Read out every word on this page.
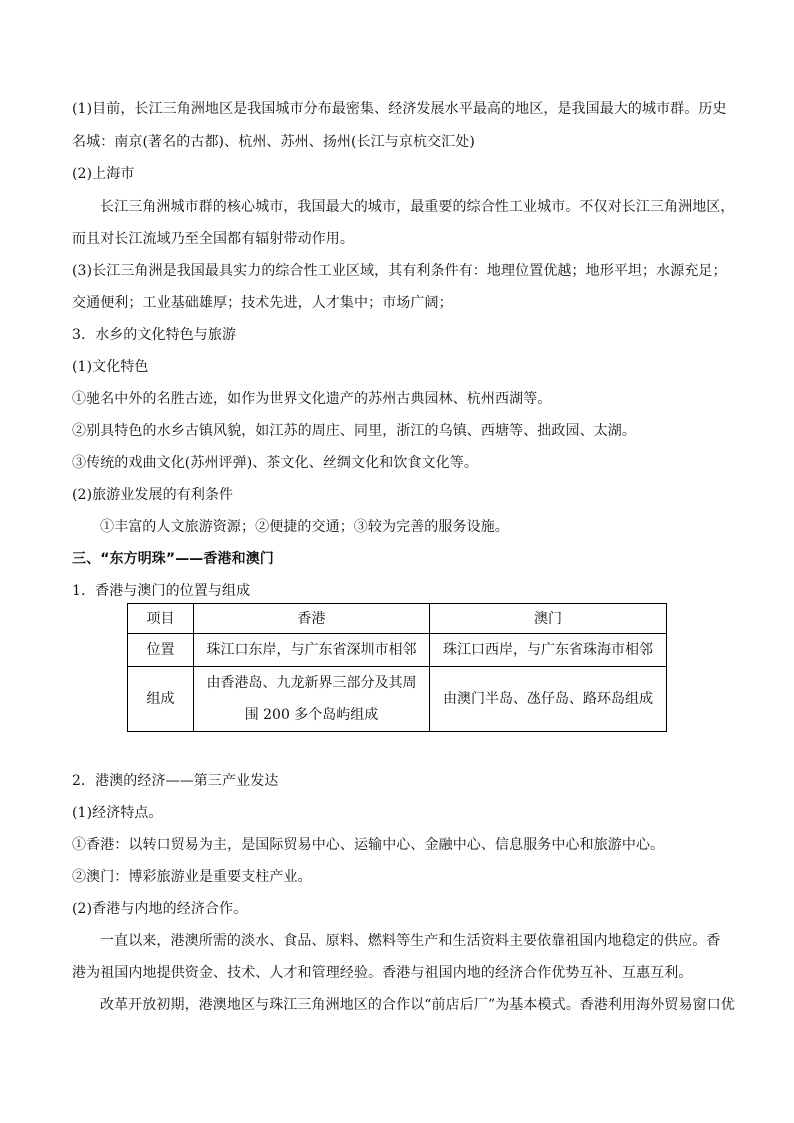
(1)目前，长江三角洲地区是我国城市分布最密集、经济发展水平最高的地区，是我国最大的城市群。历史
名城：南京(著名的古都)、杭州、苏州、扬州(长江与京杭交汇处)
(2)上海市
长江三角洲城市群的核心城市，我国最大的城市，最重要的综合性工业城市。不仅对长江三角洲地区，
而且对长江流域乃至全国都有辐射带动作用。
(3)长江三角洲是我国最具实力的综合性工业区域，其有利条件有：地理位置优越；地形平坦；水源充足；
交通便利；工业基础雄厚；技术先进，人才集中；市场广阔；
3．水乡的文化特色与旅游
(1)文化特色
①驰名中外的名胜古迹，如作为世界文化遗产的苏州古典园林、杭州西湖等。
②别具特色的水乡古镇风貌，如江苏的周庄、同里，浙江的乌镇、西塘等、拙政园、太湖。
③传统的戏曲文化(苏州评弹)、茶文化、丝绸文化和饮食文化等。
(2)旅游业发展的有利条件
①丰富的人文旅游资源；②便捷的交通；③较为完善的服务设施。
三、“东方明珠”——香港和澳门
1．香港与澳门的位置与组成
项目	香港	澳门
位置	珠江口东岸，与广东省深圳市相邻	珠江口西岸，与广东省珠海市相邻
组成	由香港岛、九龙新界三部分及其周
围 200 多个岛屿组成	由澳门半岛、氹仔岛、路环岛组成
2．港澳的经济——第三产业发达
(1)经济特点。
①香港：以转口贸易为主，是国际贸易中心、运输中心、金融中心、信息服务中心和旅游中心。
②澳门：博彩旅游业是重要支柱产业。
(2)香港与内地的经济合作。
一直以来，港澳所需的淡水、食品、原料、燃料等生产和生活资料主要依靠祖国内地稳定的供应。香
港为祖国内地提供资金、技术、人才和管理经验。香港与祖国内地的经济合作优势互补、互惠互利。
改革开放初期，港澳地区与珠江三角洲地区的合作以“前店后厂”为基本模式。香港利用海外贸易窗口优
